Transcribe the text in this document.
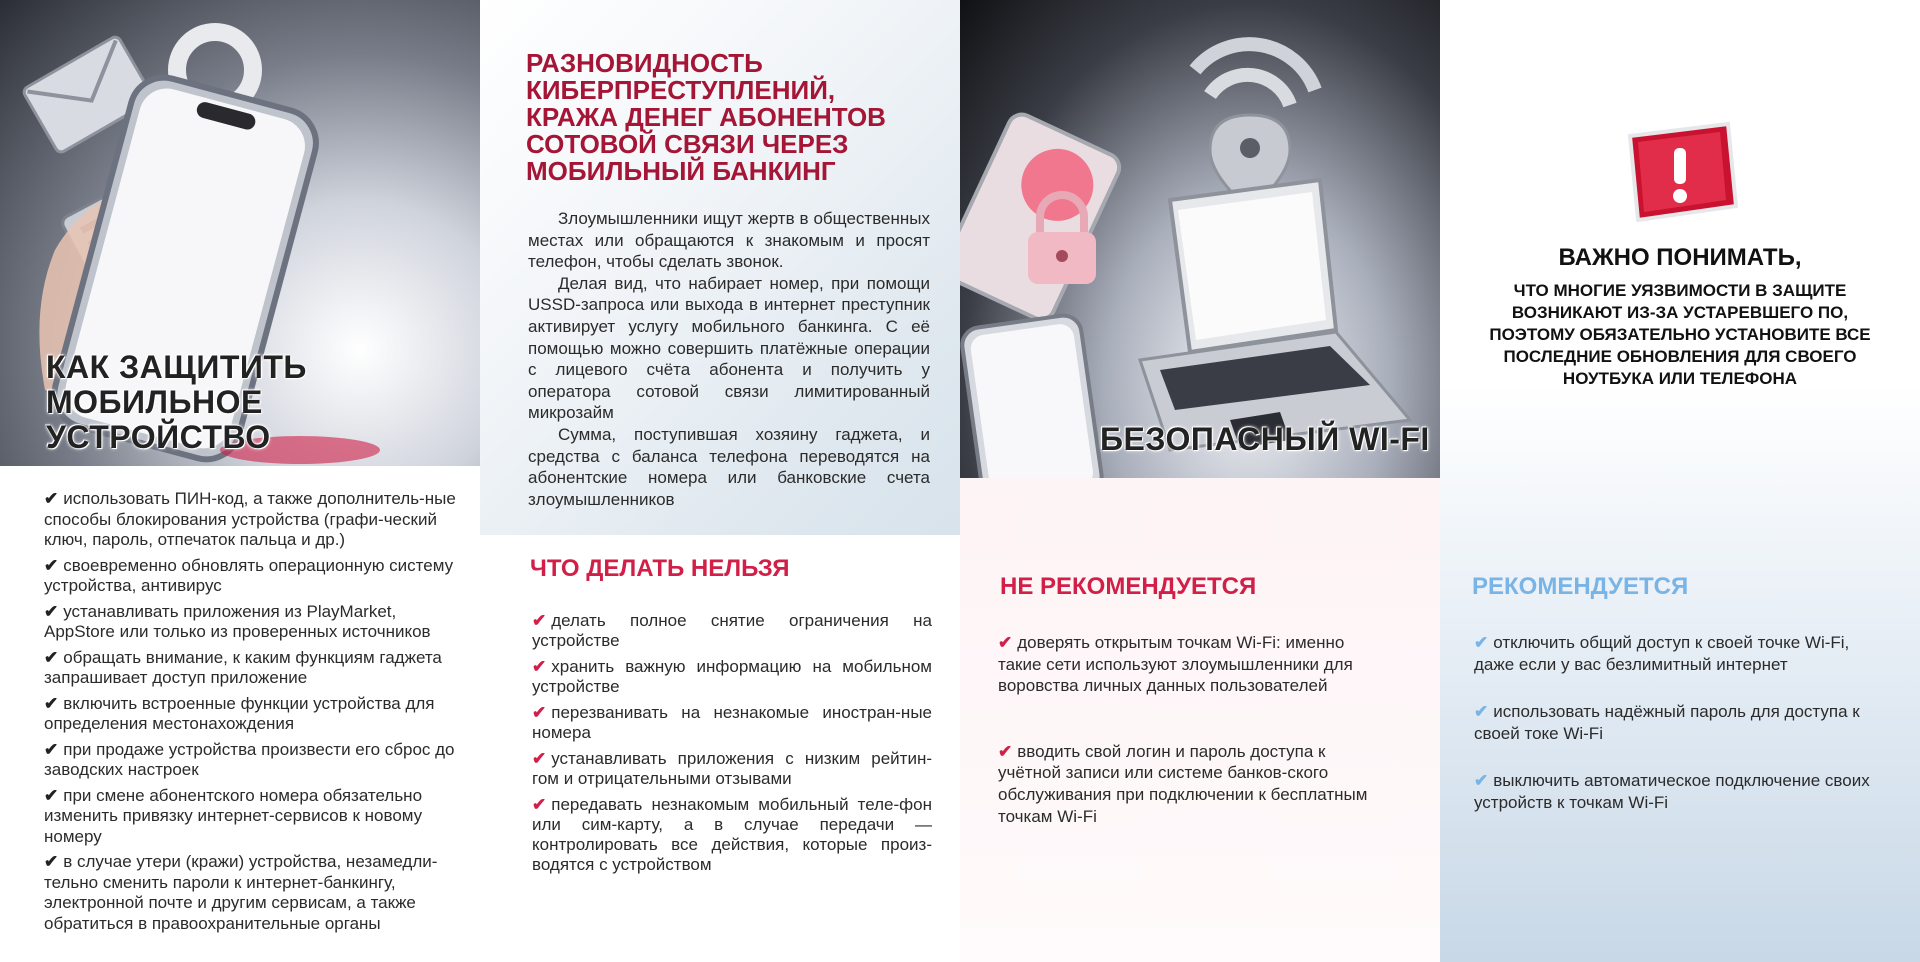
КАК ЗАЩИТИТЬ
МОБИЛЬНОЕ УСТРОЙСТВО
✔ использовать ПИН-код, а также дополнитель-ные способы блокирования устройства (графи-ческий ключ, пароль, отпечаток пальца и др.)
✔ своевременно обновлять операционную систему устройства, антивирус
✔ устанавливать приложения из PlayMarket, AppStore или только из проверенных источников
✔ обращать внимание, к каким функциям гаджета запрашивает доступ приложение
✔ включить встроенные функции устройства для определения местонахождения
✔ при продаже устройства произвести его сброс до заводских настроек
✔ при смене абонентского номера обязательно изменить привязку интернет-сервисов к новому номеру
✔ в случае утери (кражи) устройства, незамедли-тельно сменить пароли к интернет-банкингу, электронной почте и другим сервисам, а также обратиться в правоохранительные органы
РАЗНОВИДНОСТЬ
КИБЕРПРЕСТУПЛЕНИЙ,
КРАЖА ДЕНЕГ АБОНЕНТОВ
СОТОВОЙ СВЯЗИ ЧЕРЕЗ
МОБИЛЬНЫЙ БАНКИНГ

Злоумышленники ищут жертв в общественных местах или обращаются к знакомым и просят телефон, чтобы сделать звонок.

Делая вид, что набирает номер, при помощи USSD-запроса или выхода в интернет преступник активирует услугу мобильного банкинга. С её помощью можно совершить платёжные операции с лицевого счёта абонента и получить у оператора сотовой связи лимитированный микрозайм

Сумма, поступившая хозяину гаджета, и средства с баланса телефона переводятся на абонентские номера или банковские счета злоумышленников

ЧТО ДЕЛАТЬ НЕЛЬЗЯ
✔ делать полное снятие ограничения на устройстве
✔ хранить важную информацию на мобильном устройстве
✔ перезванивать на незнакомые иностран-ные номера
✔ устанавливать приложения с низким рейтин-гом и отрицательными отзывами
✔ передавать незнакомым мобильный теле-фон или сим-карту, а в случае передачи — контролировать все действия, которые произ-водятся с устройством
БЕЗОПАСНЫЙ WI-FI
НЕ РЕКОМЕНДУЕТСЯ
✔ доверять открытым точкам Wi-Fi: именно такие сети используют злоумышленники для воровства личных данных пользователей
✔ вводить свой логин и пароль доступа к учётной записи или системе банков-ского обслуживания при подключении к бесплатным точкам Wi-Fi
ВАЖНО ПОНИМАТЬ,
ЧТО МНОГИЕ УЯЗВИМОСТИ В ЗАЩИТЕ ВОЗНИКАЮТ ИЗ-ЗА УСТАРЕВШЕГО ПО, ПОЭТОМУ ОБЯЗАТЕЛЬНО УСТАНОВИТЕ ВСЕ ПОСЛЕДНИЕ ОБНОВЛЕНИЯ ДЛЯ СВОЕГО НОУТБУКА ИЛИ ТЕЛЕФОНА
РЕКОМЕНДУЕТСЯ
✔ отключить общий доступ к своей точке Wi-Fi, даже если у вас безлимитный интернет
✔ использовать надёжный пароль для доступа к своей токе Wi-Fi
✔ выключить автоматическое подключение своих устройств к точкам Wi-Fi
